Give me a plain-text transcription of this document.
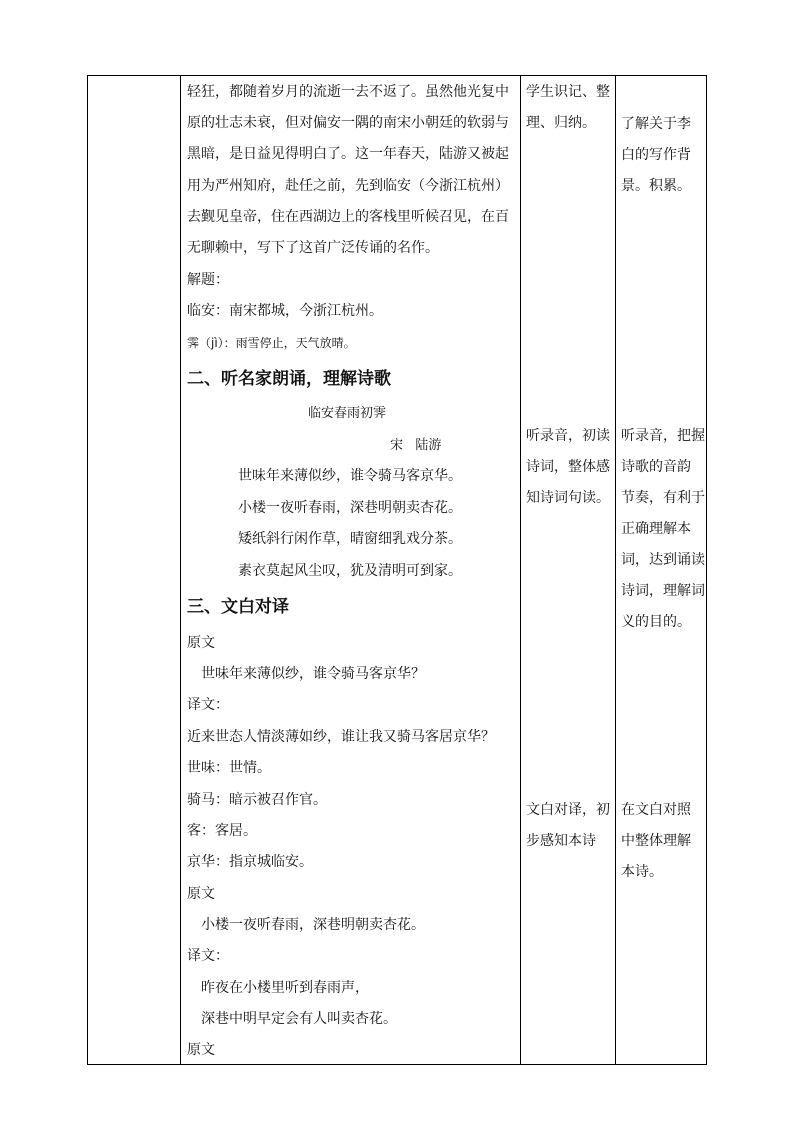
轻狂，都随着岁月的流逝一去不返了。虽然他光复中
原的壮志未衰，但对偏安一隅的南宋小朝廷的软弱与
黑暗，是日益见得明白了。这一年春天，陆游又被起
用为严州知府，赴任之前，先到临安（今浙江杭州）
去觐见皇帝，住在西湖边上的客栈里听候召见，在百
无聊赖中，写下了这首广泛传诵的名作。
解题：
临安：南宋都城，今浙江杭州。
霁（jì）：雨雪停止，天气放晴。
二、听名家朗诵，理解诗歌
临安春雨初霁
宋   陆游
世味年来薄似纱，谁令骑马客京华。
小楼一夜听春雨，深巷明朝卖杏花。
矮纸斜行闲作草，晴窗细乳戏分茶。
素衣莫起风尘叹，犹及清明可到家。
三、文白对译
原文
世味年来薄似纱，谁令骑马客京华？
译文：
近来世态人情淡薄如纱，谁让我又骑马客居京华？
世味：世情。
骑马：暗示被召作官。
客：客居。
京华：指京城临安。
原文
小楼一夜听春雨，深巷明朝卖杏花。
译文：
昨夜在小楼里听到春雨声，
深巷中明早定会有人叫卖杏花。
原文
学生识记、整
理、归纳。
听录音，初读
诗词，整体感
知诗词句读。
文白对译，初
步感知本诗
了解关于李
白的写作背
景。积累。
听录音，把握
诗歌的音韵
节奏，有利于
正确理解本
词，达到诵读
诗词，理解词
义的目的。
在文白对照
中整体理解
本诗。
